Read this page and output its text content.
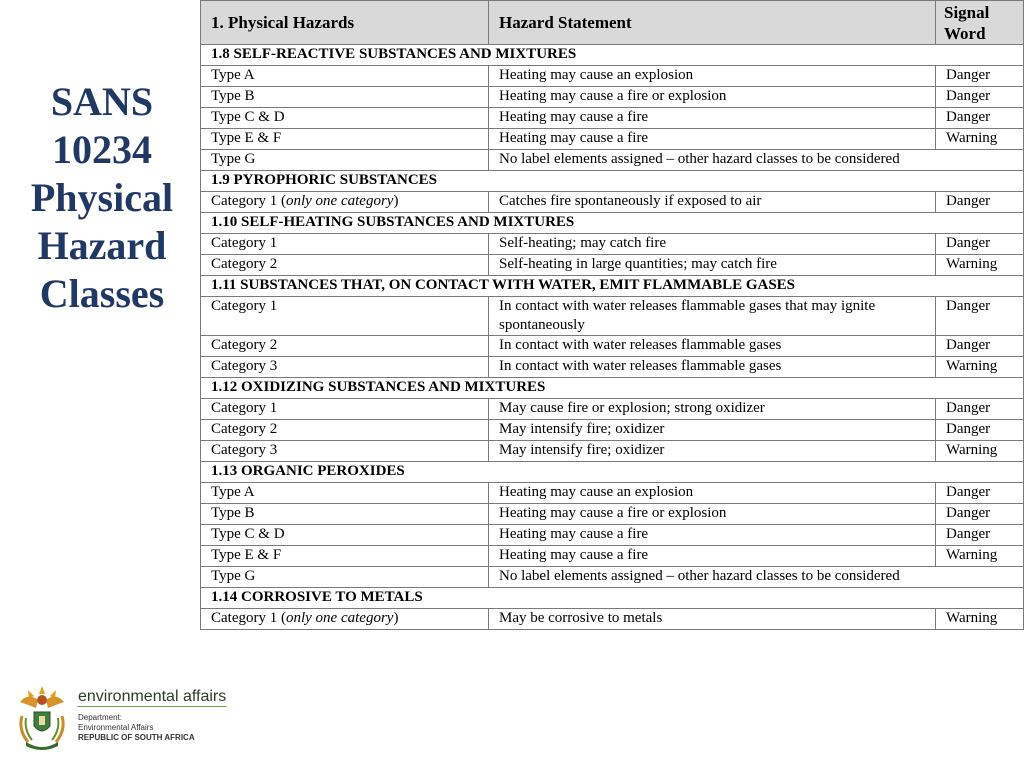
SANS
10234
Physical
Hazard
Classes
1. Physical Hazards	Hazard Statement	Signal Word
1.8 SELF-REACTIVE SUBSTANCES AND MIXTURES		
Type A	Heating may cause an explosion	Danger
Type B	Heating may cause a fire or explosion	Danger
Type C & D	Heating may cause a fire	Danger
Type E & F	Heating may cause a fire	Warning
Type G	No label elements assigned – other hazard classes to be considered	
1.9 PYROPHORIC SUBSTANCES		
Category 1 (only one category)	Catches fire spontaneously if exposed to air	Danger
1.10 SELF-HEATING SUBSTANCES AND MIXTURES		
Category 1	Self-heating; may catch fire	Danger
Category 2	Self-heating in large quantities; may catch fire	Warning
1.11 SUBSTANCES THAT, ON CONTACT WITH WATER, EMIT FLAMMABLE GASES		
Category 1	In contact with water releases flammable gases that may ignite spontaneously	Danger
Category 2	In contact with water releases flammable gases	Danger
Category 3	In contact with water releases flammable gases	Warning
1.12 OXIDIZING SUBSTANCES AND MIXTURES		
Category 1	May cause fire or explosion; strong oxidizer	Danger
Category 2	May intensify fire; oxidizer	Danger
Category 3	May intensify fire; oxidizer	Warning
1.13 ORGANIC PEROXIDES		
Type A	Heating may cause an explosion	Danger
Type B	Heating may cause a fire or explosion	Danger
Type C & D	Heating may cause a fire	Danger
Type E & F	Heating may cause a fire	Warning
Type G	No label elements assigned – other hazard classes to be considered	
1.14 CORROSIVE TO METALS		
Category 1 (only one category)	May be corrosive to metals	Warning
environmental affairs
Department:
Environmental Affairs
REPUBLIC OF SOUTH AFRICA
